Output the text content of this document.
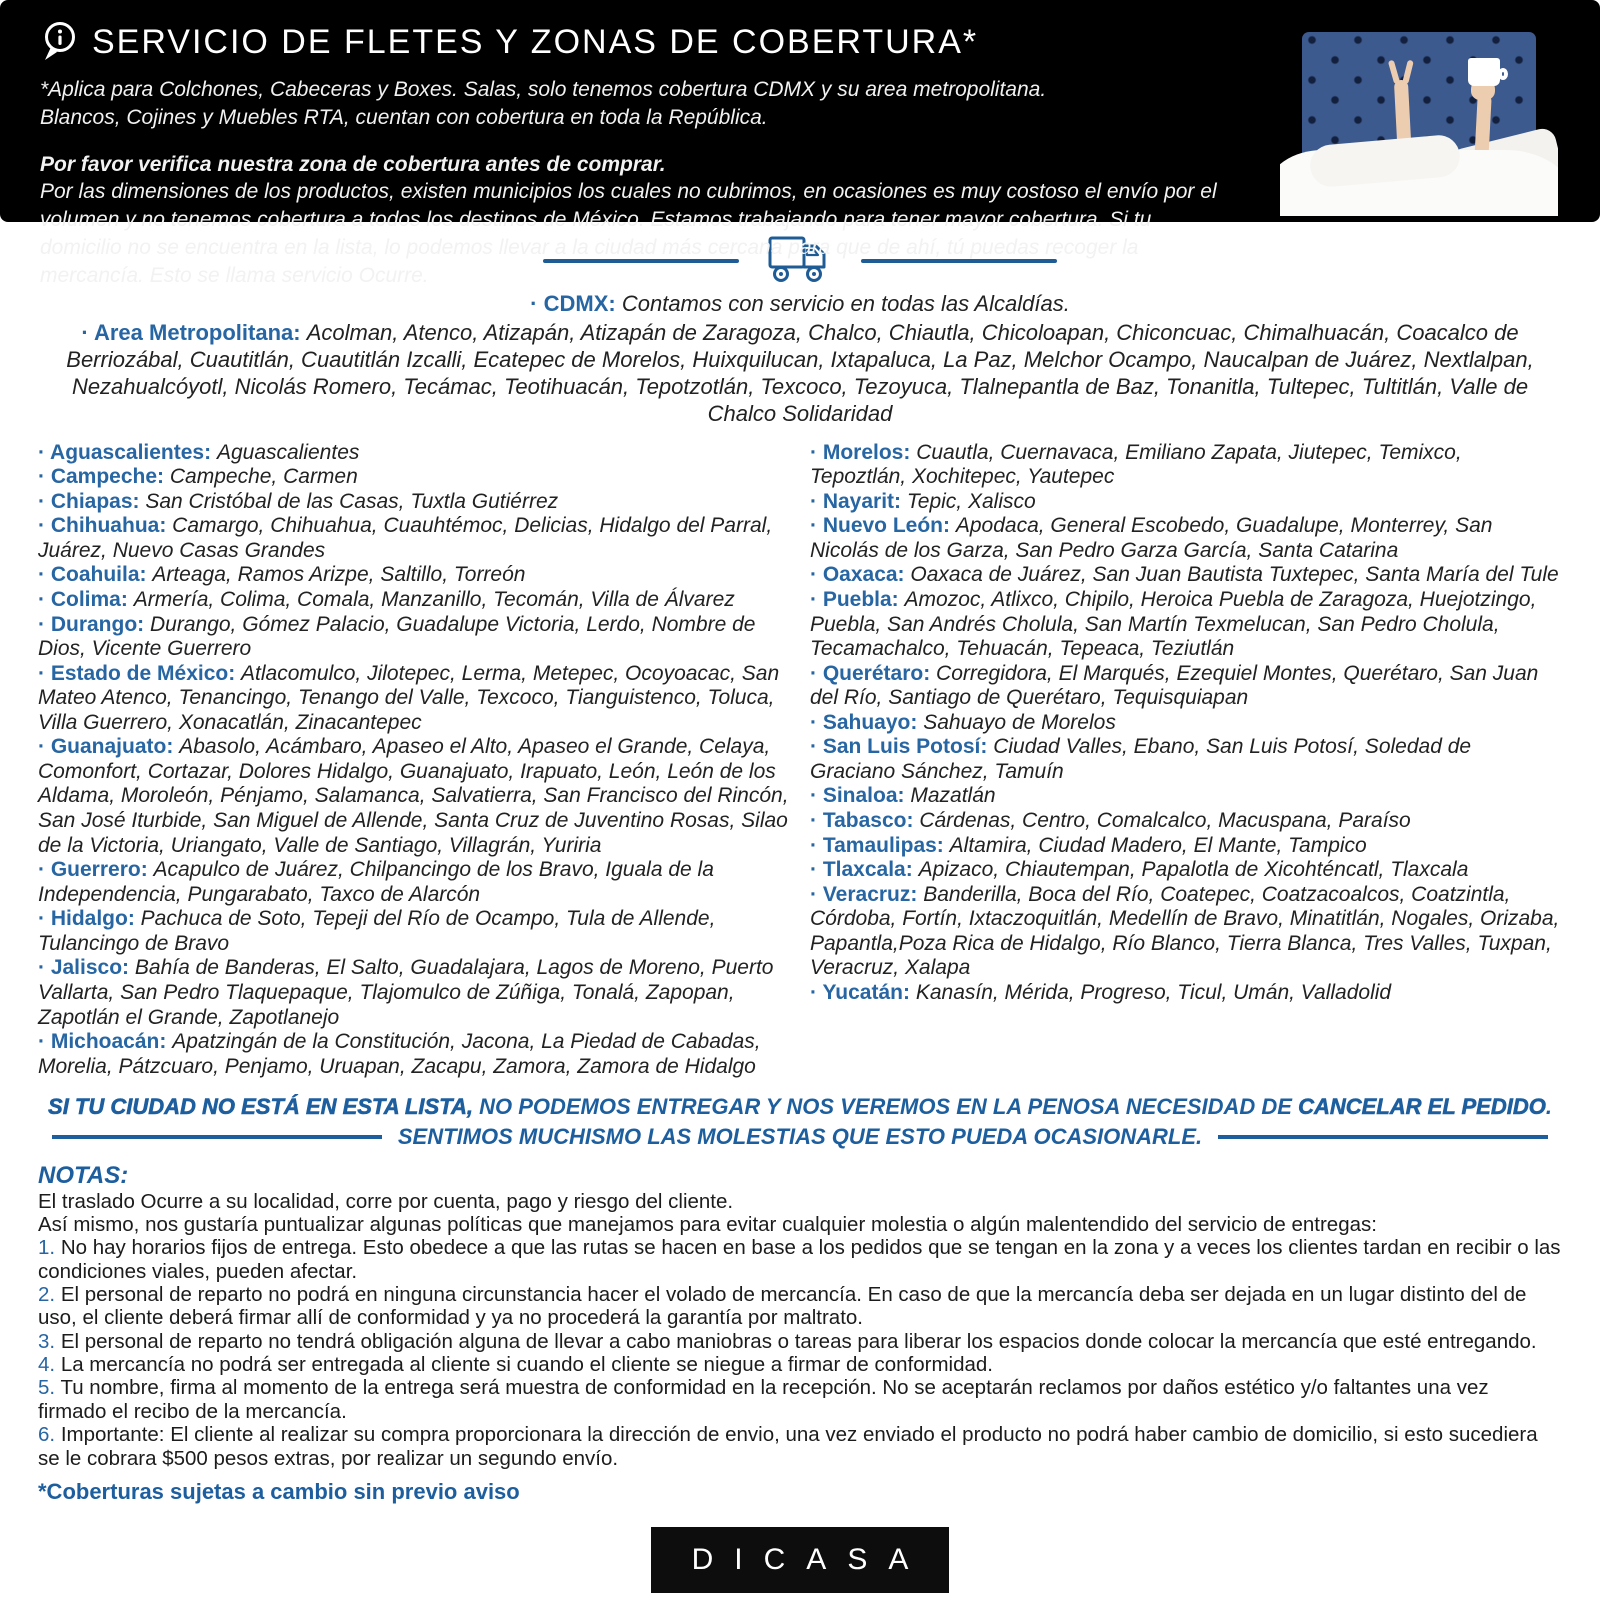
SERVICIO DE FLETES Y ZONAS DE COBERTURA*

*Aplica para Colchones, Cabeceras y Boxes. Salas, solo tenemos cobertura CDMX y su area metropolitana.
Blancos, Cojines y Muebles RTA, cuentan con cobertura en toda la República.

Por favor verifica nuestra zona de cobertura antes de comprar.
Por las dimensiones de los productos, existen municipios los cuales no cubrimos, en ocasiones es muy costoso el envío por el volumen y no tenemos cobertura a todos los destinos de México. Estamos trabajando para tener mayor cobertura. Si tu domicilio no se encuentra en la lista, lo podemos llevar a la ciudad más cercana para que de ahí, tú puedas recoger la mercancía. Esto se llama servicio Ocurre.

· CDMX: Contamos con servicio en todas las Alcaldías.

· Area Metropolitana: Acolman, Atenco, Atizapán, Atizapán de Zaragoza, Chalco, Chiautla, Chicoloapan, Chiconcuac, Chimalhuacán, Coacalco de Berriozábal, Cuautitlán, Cuautitlán Izcalli, Ecatepec de Morelos, Huixquilucan, Ixtapaluca, La Paz, Melchor Ocampo, Naucalpan de Juárez, Nextlalpan, Nezahualcóyotl, Nicolás Romero, Tecámac, Teotihuacán, Tepotzotlán, Texcoco, Tezoyuca, Tlalnepantla de Baz, Tonanitla, Tultepec, Tultitlán, Valle de Chalco Solidaridad

· Aguascalientes: Aguascalientes
· Campeche: Campeche, Carmen
· Chiapas: San Cristóbal de las Casas, Tuxtla Gutiérrez
· Chihuahua: Camargo, Chihuahua, Cuauhtémoc, Delicias, Hidalgo del Parral, Juárez, Nuevo Casas Grandes
· Coahuila: Arteaga, Ramos Arizpe, Saltillo, Torreón
· Colima: Armería, Colima, Comala, Manzanillo, Tecomán, Villa de Álvarez
· Durango: Durango, Gómez Palacio, Guadalupe Victoria, Lerdo, Nombre de Dios, Vicente Guerrero
· Estado de México: Atlacomulco, Jilotepec, Lerma, Metepec, Ocoyoacac, San Mateo Atenco, Tenancingo, Tenango del Valle, Texcoco, Tianguistenco, Toluca, Villa Guerrero, Xonacatlán, Zinacantepec
· Guanajuato: Abasolo, Acámbaro, Apaseo el Alto, Apaseo el Grande, Celaya, Comonfort, Cortazar, Dolores Hidalgo, Guanajuato, Irapuato, León, León de los Aldama, Moroleón, Pénjamo, Salamanca, Salvatierra, San Francisco del Rincón, San José Iturbide, San Miguel de Allende, Santa Cruz de Juventino Rosas, Silao de la Victoria, Uriangato, Valle de Santiago, Villagrán, Yuriria
· Guerrero: Acapulco de Juárez, Chilpancingo de los Bravo, Iguala de la Independencia, Pungarabato, Taxco de Alarcón
· Hidalgo: Pachuca de Soto, Tepeji del Río de Ocampo, Tula de Allende, Tulancingo de Bravo
· Jalisco: Bahía de Banderas, El Salto, Guadalajara, Lagos de Moreno, Puerto Vallarta, San Pedro Tlaquepaque, Tlajomulco de Zúñiga, Tonalá, Zapopan, Zapotlán el Grande, Zapotlanejo
· Michoacán: Apatzingán de la Constitución, Jacona, La Piedad de Cabadas, Morelia, Pátzcuaro, Penjamo, Uruapan, Zacapu, Zamora, Zamora de Hidalgo
· Morelos: Cuautla, Cuernavaca, Emiliano Zapata, Jiutepec, Temixco, Tepoztlán, Xochitepec, Yautepec
· Nayarit: Tepic, Xalisco
· Nuevo León: Apodaca, General Escobedo, Guadalupe, Monterrey, San Nicolás de los Garza, San Pedro Garza García, Santa Catarina
· Oaxaca: Oaxaca de Juárez, San Juan Bautista Tuxtepec, Santa María del Tule
· Puebla: Amozoc, Atlixco, Chipilo, Heroica Puebla de Zaragoza, Huejotzingo, Puebla, San Andrés Cholula, San Martín Texmelucan, San Pedro Cholula, Tecamachalco, Tehuacán, Tepeaca, Teziutlán
· Querétaro: Corregidora, El Marqués, Ezequiel Montes, Querétaro, San Juan del Río, Santiago de Querétaro, Tequisquiapan
· Sahuayo: Sahuayo de Morelos
· San Luis Potosí: Ciudad Valles, Ebano, San Luis Potosí, Soledad de Graciano Sánchez, Tamuín
· Sinaloa: Mazatlán
· Tabasco: Cárdenas, Centro, Comalcalco, Macuspana, Paraíso
· Tamaulipas: Altamira, Ciudad Madero, El Mante, Tampico
· Tlaxcala: Apizaco, Chiautempan, Papalotla de Xicohténcatl, Tlaxcala
· Veracruz: Banderilla, Boca del Río, Coatepec, Coatzacoalcos, Coatzintla, Córdoba, Fortín, Ixtaczoquitlán, Medellín de Bravo, Minatitlán, Nogales, Orizaba, Papantla,Poza Rica de Hidalgo, Río Blanco, Tierra Blanca, Tres Valles, Tuxpan, Veracruz, Xalapa
· Yucatán: Kanasín, Mérida, Progreso, Ticul, Umán, Valladolid

SI TU CIUDAD NO ESTÁ EN ESTA LISTA, NO PODEMOS ENTREGAR Y NOS VEREMOS EN LA PENOSA NECESIDAD DE CANCELAR EL PEDIDO.

SENTIMOS MUCHISMO LAS MOLESTIAS QUE ESTO PUEDA OCASIONARLE.

NOTAS:

El traslado Ocurre a su localidad, corre por cuenta, pago y riesgo del cliente.

Así mismo, nos gustaría puntualizar algunas políticas que manejamos para evitar cualquier molestia o algún malentendido del servicio de entregas:

1. No hay horarios fijos de entrega. Esto obedece a que las rutas se hacen en base a los pedidos que se tengan en la zona y a veces los clientes tardan en recibir o las condiciones viales, pueden afectar.

2. El personal de reparto no podrá en ninguna circunstancia hacer el volado de mercancía. En caso de que la mercancía deba ser dejada en un lugar distinto del de uso, el cliente deberá firmar allí de conformidad y ya no procederá la garantía por maltrato.

3. El personal de reparto no tendrá obligación alguna de llevar a cabo maniobras o tareas para liberar los espacios donde colocar la mercancía que esté entregando.

4. La mercancía no podrá ser entregada al cliente si cuando el cliente se niegue a firmar de conformidad.

5. Tu nombre, firma al momento de la entrega será muestra de conformidad en la recepción. No se aceptarán reclamos por daños estético y/o faltantes una vez firmado el recibo de la mercancía.

6. Importante: El cliente al realizar su compra proporcionara la dirección de envio, una vez enviado el producto no podrá haber cambio de domicilio, si esto sucediera se le cobrara $500 pesos extras, por realizar un segundo envío.

*Coberturas sujetas a cambio sin previo aviso

DICASA
